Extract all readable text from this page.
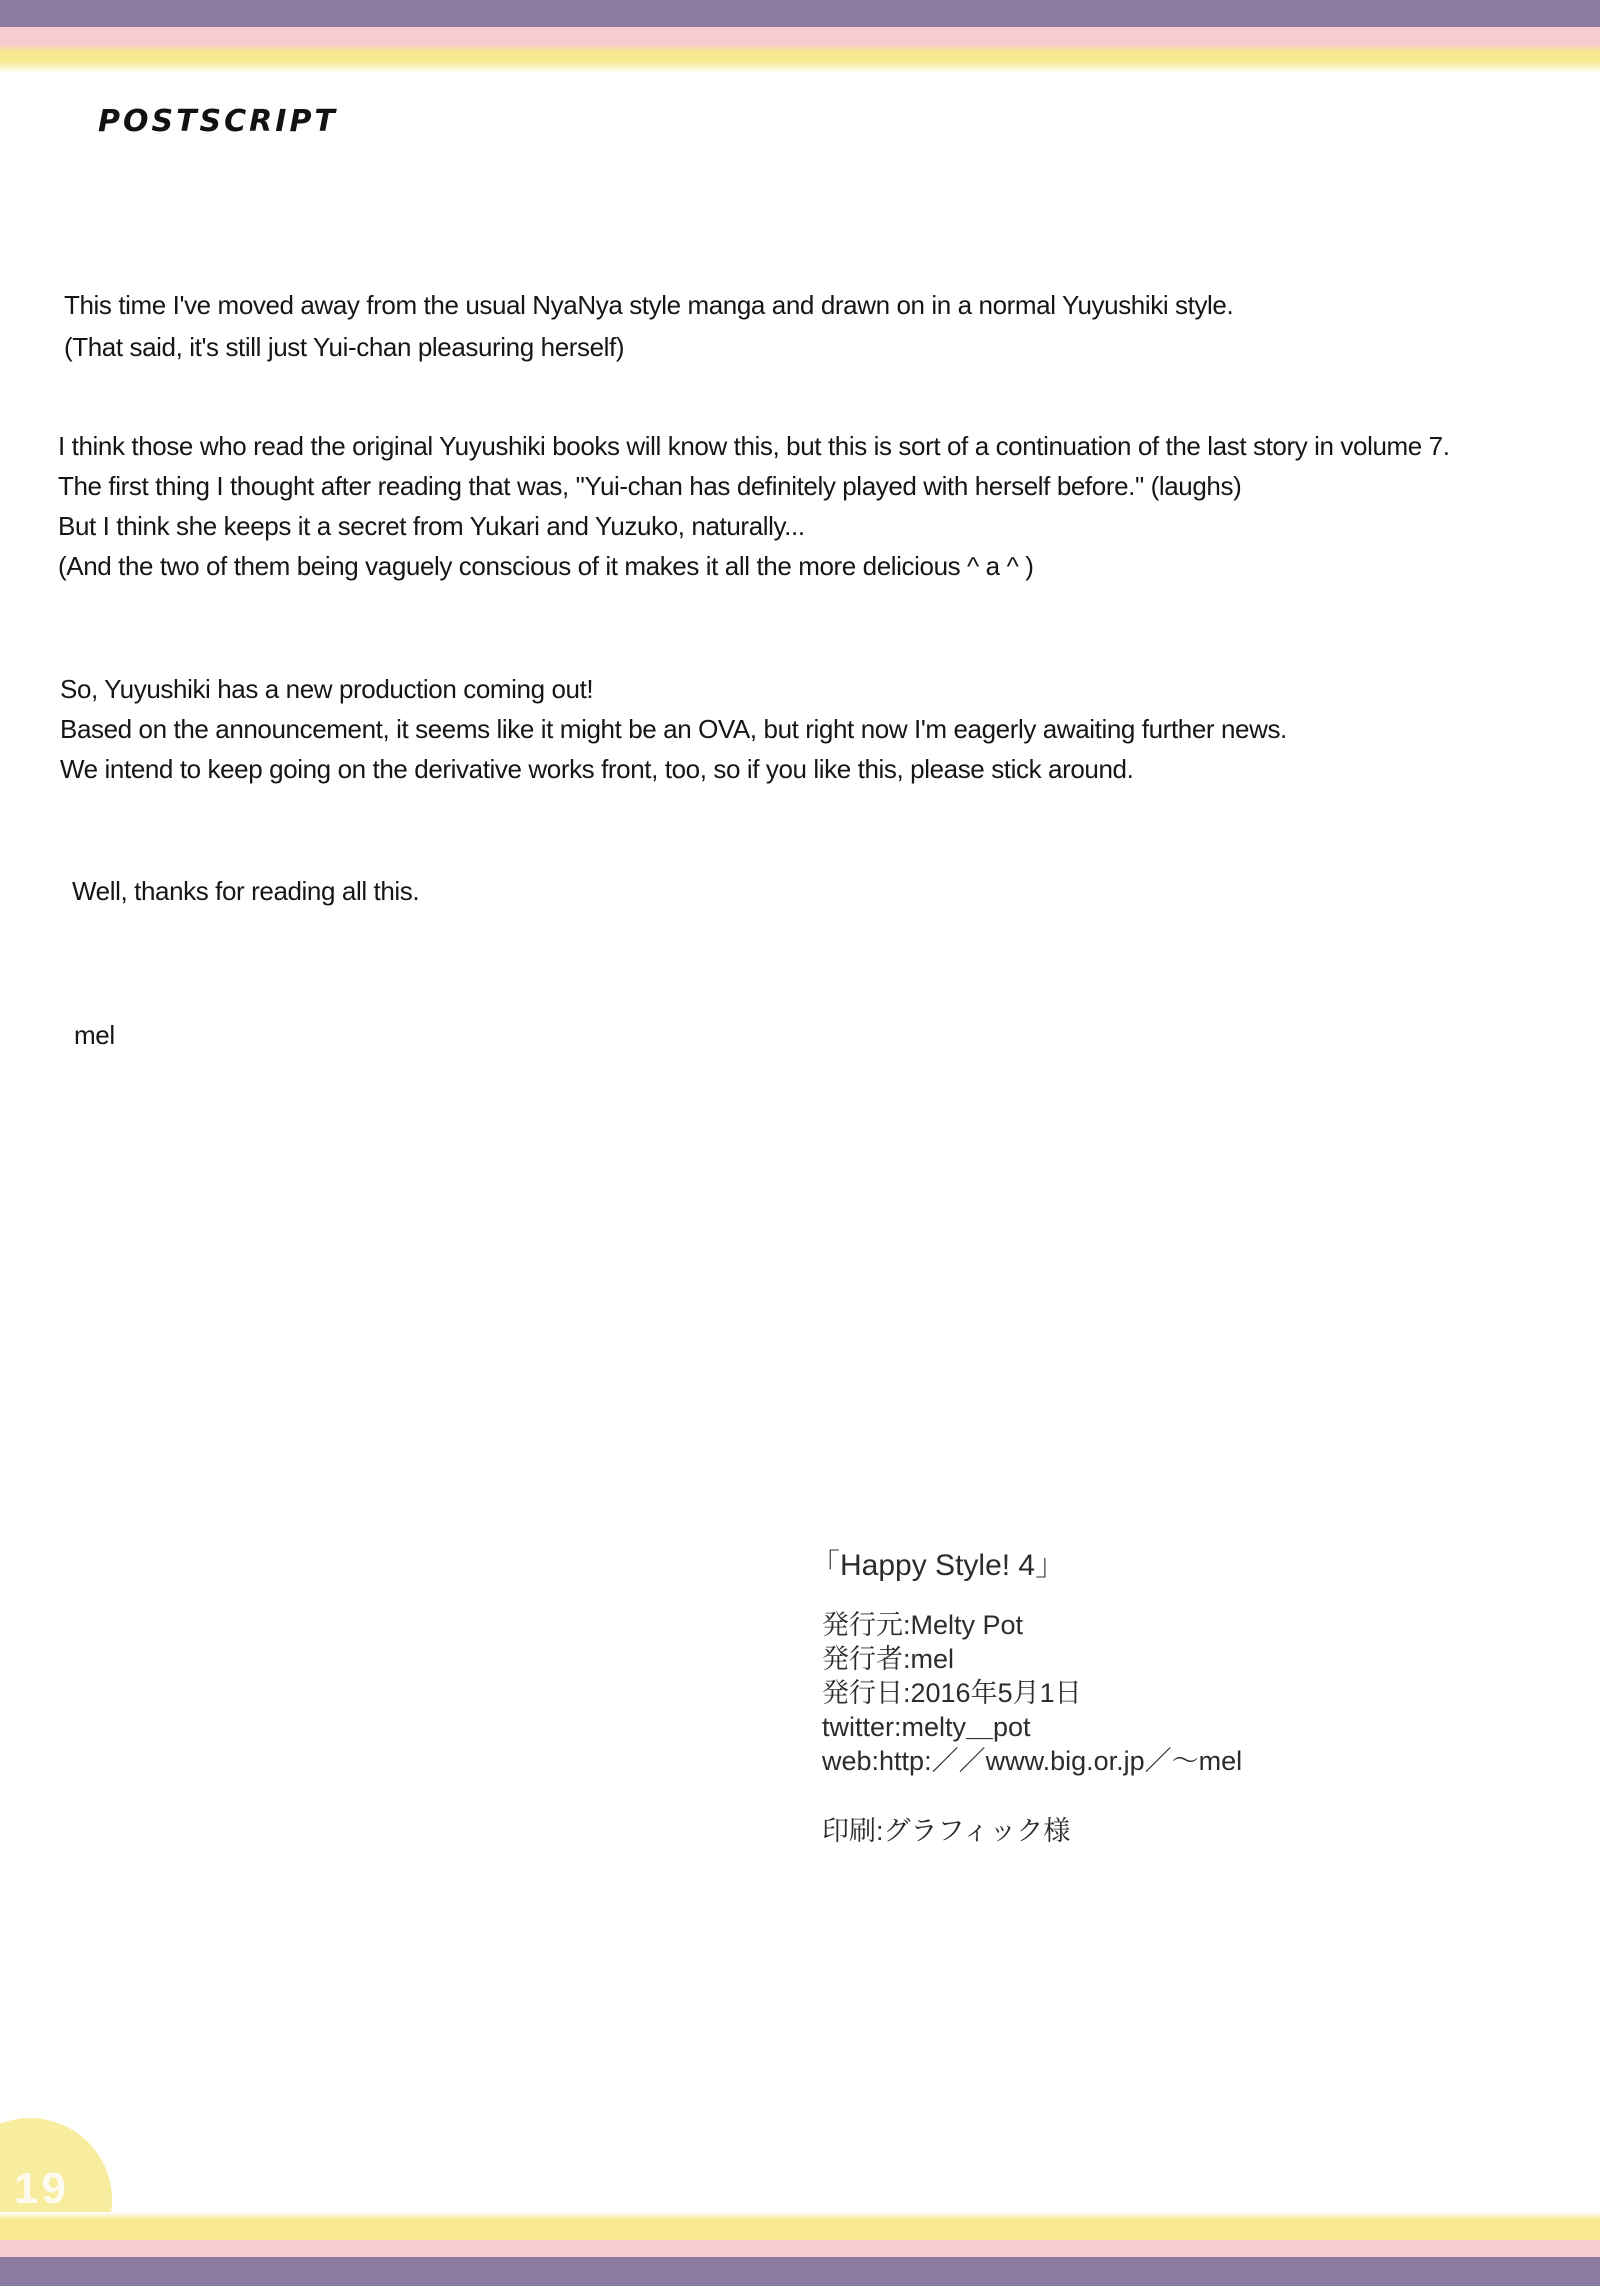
POSTSCRIPT
This time I've moved away from the usual NyaNya style manga and drawn on in a normal Yuyushiki style.
(That said, it's still just Yui-chan pleasuring herself)
I think those who read the original Yuyushiki books will know this, but this is sort of a continuation of the last story in volume 7.
The first thing I thought after reading that was, "Yui-chan has definitely played with herself before." (laughs)
But I think she keeps it a secret from Yukari and Yuzuko, naturally...
(And the two of them being vaguely conscious of it makes it all the more delicious ^ a ^ )
So, Yuyushiki has a new production coming out!
Based on the announcement, it seems like it might be an OVA, but right now I'm eagerly awaiting further news.
We intend to keep going on the derivative works front, too, so if you like this, please stick around.
Well, thanks for reading all this.
mel
「Happy Style! 4」
発行元:Melty Pot
発行者:mel
発行日:2016年5月1日
twitter:melty＿pot
web:http:／／www.big.or.jp／～mel
印刷:グラフィック様
19
